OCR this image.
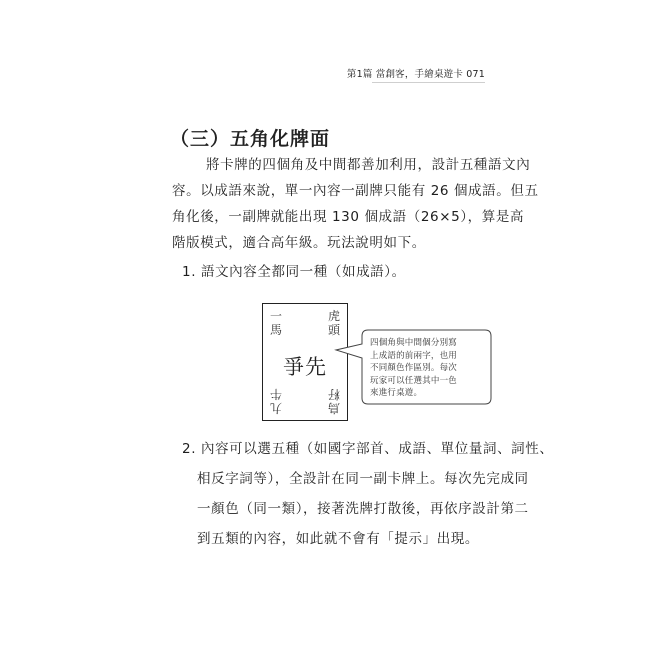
第1篇 當創客，手繪桌遊卡 071
（三）五角化牌面
將卡牌的四個角及中間都善加利用，設計五種語文內
容。以成語來說，單一內容一副牌只能有 26 個成語。但五
角化後，一副牌就能出現 130 個成語（26×5），算是高
階版模式，適合高年級。玩法說明如下。
1. 語文內容全都同一種（如成語）。
一
馬
虎
頭
爭先
九
牛
鳥
籽
四個角與中間個分別寫
上成語的前兩字，也用
不同顏色作區別。每次
玩家可以任選其中一色
來進行桌遊。
2. 內容可以選五種（如國字部首、成語、單位量詞、詞性、
相反字詞等），全設計在同一副卡牌上。每次先完成同
一顏色（同一類），接著洗牌打散後，再依序設計第二
到五類的內容，如此就不會有「提示」出現。
